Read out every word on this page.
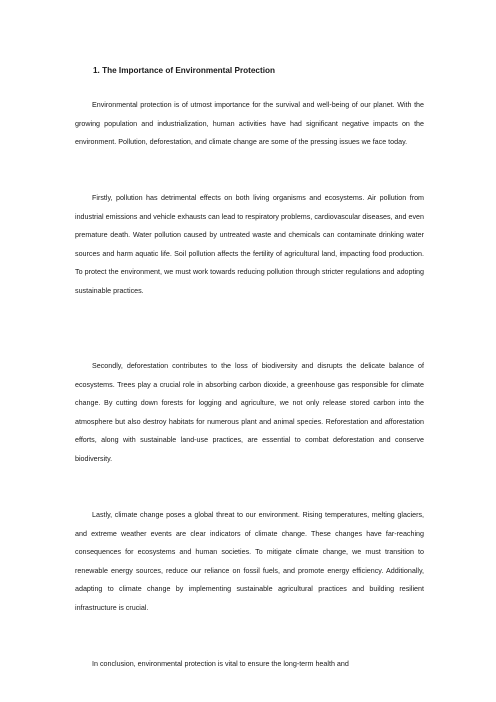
1. The Importance of Environmental Protection

Environmental protection is of utmost importance for the survival and well-being of our planet. With the growing population and industrialization, human activities have had significant negative impacts on the environment. Pollution, deforestation, and climate change are some of the pressing issues we face today.

Firstly, pollution has detrimental effects on both living organisms and ecosystems. Air pollution from industrial emissions and vehicle exhausts can lead to respiratory problems, cardiovascular diseases, and even premature death. Water pollution caused by untreated waste and chemicals can contaminate drinking water sources and harm aquatic life. Soil pollution affects the fertility of agricultural land, impacting food production. To protect the environment, we must work towards reducing pollution through stricter regulations and adopting sustainable practices.

Secondly, deforestation contributes to the loss of biodiversity and disrupts the delicate balance of ecosystems. Trees play a crucial role in absorbing carbon dioxide, a greenhouse gas responsible for climate change. By cutting down forests for logging and agriculture, we not only release stored carbon into the atmosphere but also destroy habitats for numerous plant and animal species. Reforestation and afforestation efforts, along with sustainable land-use practices, are essential to combat deforestation and conserve biodiversity.

Lastly, climate change poses a global threat to our environment. Rising temperatures, melting glaciers, and extreme weather events are clear indicators of climate change. These changes have far-reaching consequences for ecosystems and human societies. To mitigate climate change, we must transition to renewable energy sources, reduce our reliance on fossil fuels, and promote energy efficiency. Additionally, adapting to climate change by implementing sustainable agricultural practices and building resilient infrastructure is crucial.

In conclusion, environmental protection is vital to ensure the long-term health and
